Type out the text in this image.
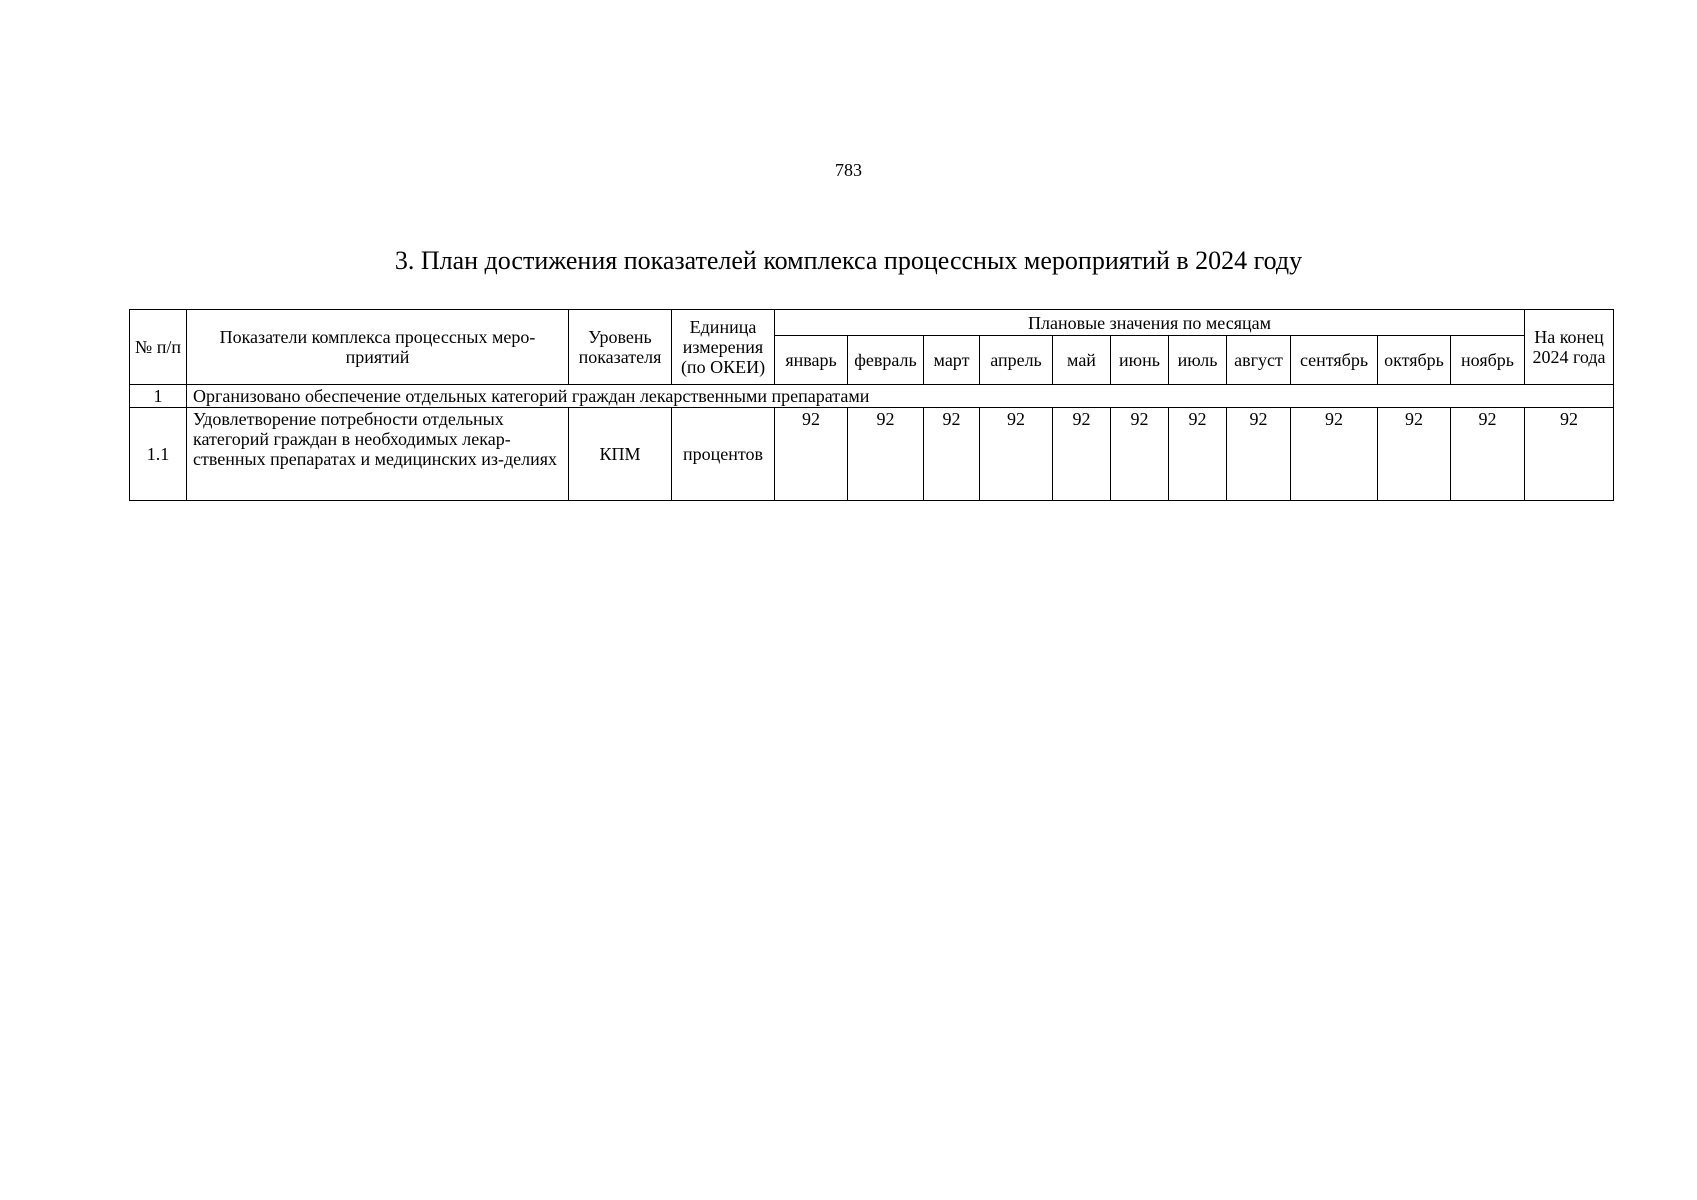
783
3. План достижения показателей комплекса процессных мероприятий в 2024 году
№ п/п	Показатели комплекса процессных меро-приятий	Уровень показателя	Единица измерения (по ОКЕИ)	Плановые значения по месяцам											На конец 2024 года
				январь	февраль	март	апрель	май	июнь	июль	август	сентябрь	октябрь	ноябрь	
1	Организовано обеспечение отдельных категорий граждан лекарственными препаратами														
1.1	Удовлетворение потребности отдельных категорий граждан в необходимых лекар-ственных препаратах и медицинских из-делиях	КПМ	процентов	92	92	92	92	92	92	92	92	92	92	92	92
